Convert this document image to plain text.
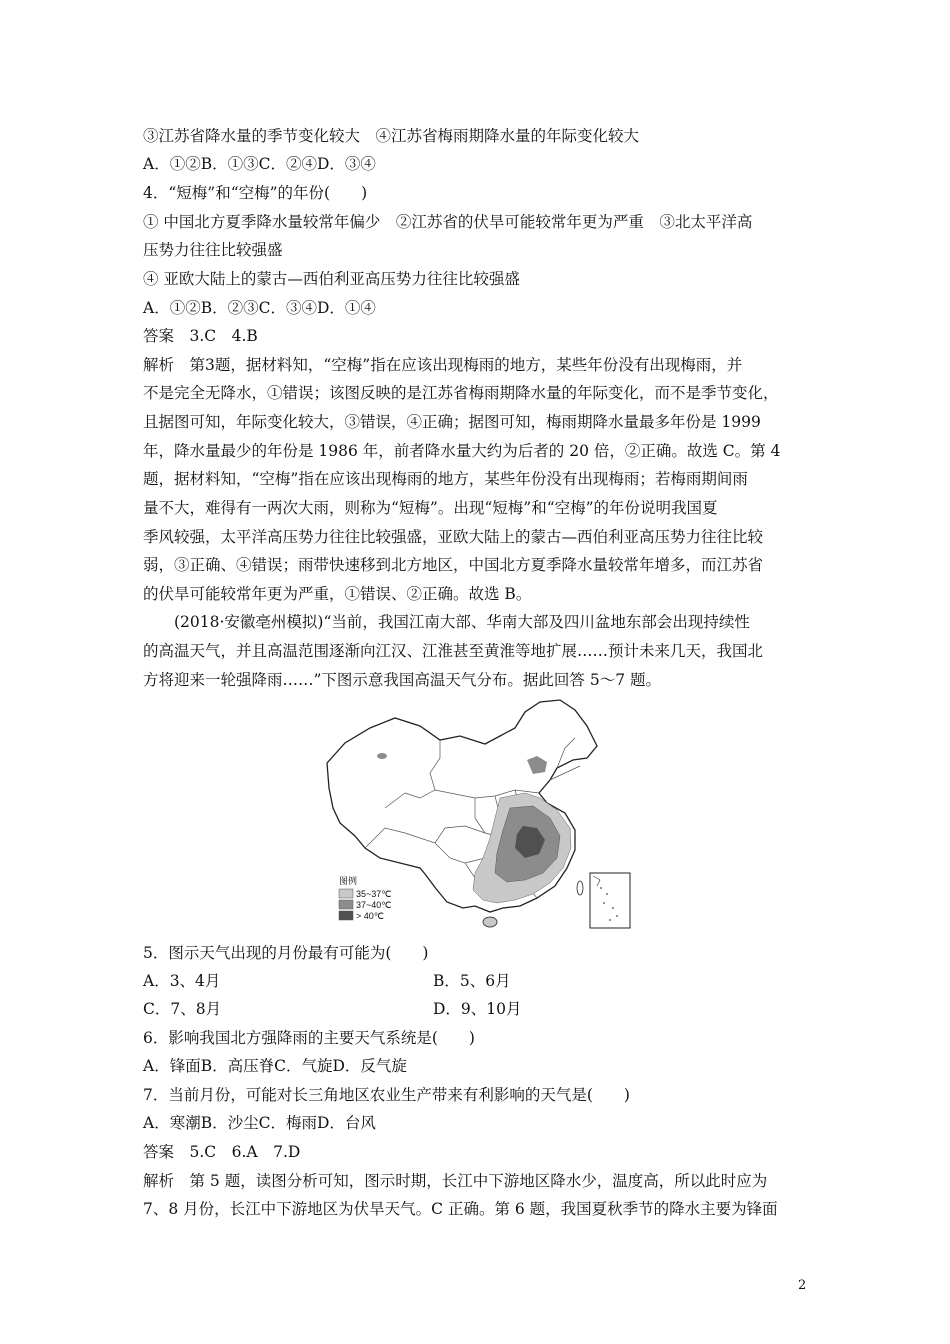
③江苏省降水量的季节变化较大　④江苏省梅雨期降水量的年际变化较大
A．①②B．①③C．②④D．③④
4．“短梅”和“空梅”的年份(　　)
① 中国北方夏季降水量较常年偏少　②江苏省的伏旱可能较常年更为严重　③北太平洋高
压势力往往比较强盛
④ 亚欧大陆上的蒙古—西伯利亚高压势力往往比较强盛
A．①②B．②③C．③④D．①④
答案　3.C　4.B
解析　第3题，据材料知，“空梅”指在应该出现梅雨的地方，某些年份没有出现梅雨，并
不是完全无降水，①错误；该图反映的是江苏省梅雨期降水量的年际变化，而不是季节变化，
且据图可知，年际变化较大，③错误，④正确；据图可知，梅雨期降水量最多年份是 1999
年，降水量最少的年份是 1986 年，前者降水量大约为后者的 20 倍，②正确。故选 C。第 4
题，据材料知，“空梅”指在应该出现梅雨的地方，某些年份没有出现梅雨；若梅雨期间雨
量不大，难得有一两次大雨，则称为“短梅”。出现“短梅”和“空梅”的年份说明我国夏
季风较强，太平洋高压势力往往比较强盛，亚欧大陆上的蒙古—西伯利亚高压势力往往比较
弱，③正确、④错误；雨带快速移到北方地区，中国北方夏季降水量较常年增多，而江苏省
的伏旱可能较常年更为严重，①错误、②正确。故选 B。
　　(2018·安徽亳州模拟)“当前，我国江南大部、华南大部及四川盆地东部会出现持续性
的高温天气，并且高温范围逐渐向江汉、江淮甚至黄淮等地扩展……预计未来几天，我国北
方将迎来一轮强降雨……”下图示意我国高温天气分布。据此回答 5～7 题。
图例
35~37℃
37~40℃
> 40℃
5．图示天气出现的月份最有可能为(　　)
A．3、4月	B．5、6月
C．7、8月	D．9、10月
6．影响我国北方强降雨的主要天气系统是(　　)
A．锋面B．高压脊C．气旋D．反气旋
7．当前月份，可能对长三角地区农业生产带来有利影响的天气是(　　)
A．寒潮B．沙尘C．梅雨D．台风
答案　5.C　6.A　7.D
解析　第 5 题，读图分析可知，图示时期，长江中下游地区降水少，温度高，所以此时应为
7、8 月份，长江中下游地区为伏旱天气。C 正确。第 6 题，我国夏秋季节的降水主要为锋面
2
